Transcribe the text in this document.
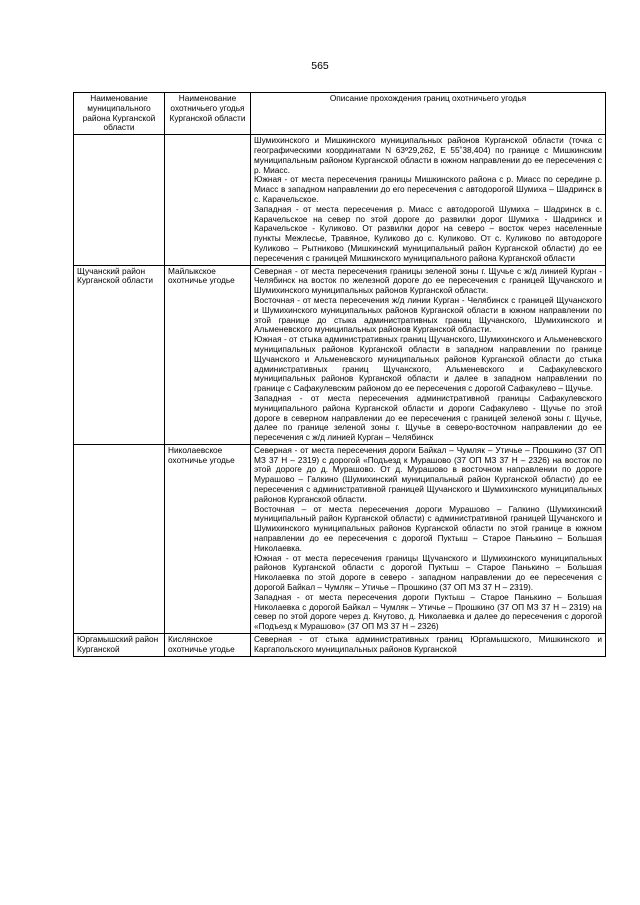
565
Наименование муниципального района Курганской области	Наименование охотничьего угодья Курганской области	Описание прохождения границ охотничьего угодья

		Шумихинского и Мишкинского муниципальных районов Курганской области (точка с географическими координатами N 63º29,262, E 55˚38,404) по границе с Мишкинским муниципальным районом Курганской области в южном направлении до ее пересечения с р. Миасс.
Южная - от места пересечения границы Мишкинского района с р. Миасс по середине р. Миасс в западном направлении до его пересечения с автодорогой Шумиха – Шадринск в с. Карачельское.
Западная - от места пересечения р. Миасс с автодорогой Шумиха – Шадринск в с. Карачельское на север по этой дороге до развилки дорог Шумиха - Шадринск и Карачельское - Куликово. От развилки дорог на северо – восток через населенные пункты Межлесье, Травяное, Куликово до с. Куликово. От с. Куликово по автодороге Куликово – Рытниково (Мишкинский муниципальный район Курганской области) до ее пересечения с границей Мишкинского муниципального района Курганской области

Щучанский район Курганской области	Майлыкское охотничье угодье	Северная - от места пересечения границы зеленой зоны г. Щучье с ж/д линией Курган - Челябинск на восток по железной дороге до ее пересечения с границей Щучанского и Шумихинского муниципальных районов Курганской области.
Восточная - от места пересечения ж/д линии Курган - Челябинск с границей Щучанского и Шумихинского муниципальных районов Курганской области в южном направлении по этой границе до стыка административных границ Щучанского, Шумихинского и Альменевского муниципальных районов Курганской области.
Южная - от стыка административных границ Щучанского, Шумихинского и Альменевского муниципальных районов Курганской области в западном направлении по границе Щучанского и Альменевского муниципальных районов Курганской области до стыка административных границ Щучанского, Альменевского и Сафакулевского муниципальных районов Курганской области и далее в западном направлении по границе с Сафакулевским районом до ее пересечения с дорогой Сафакулево – Щучье.
Западная - от места пересечения административной границы Сафакулевского муниципального района Курганской области и дороги Сафакулево - Щучье по этой дороге в северном направлении до ее пересечения с границей зеленой зоны г. Щучье, далее по границе зеленой зоны г. Щучье в северо-восточном направлении до ее пересечения с ж/д линией Курган – Челябинск

	Николаевское охотничье угодье	Северная - от места пересечения дороги Байкал – Чумляк – Утичье – Прошкино (37 ОП МЗ 37 Н – 2319) с дорогой «Подъезд к Мурашово (37 ОП МЗ 37 Н – 2326) на восток по этой дороге до д. Мурашово. От д. Мурашово в восточном направлении по дороге Мурашово – Галкино (Шумихинский муниципальный район Курганской области) до ее пересечения с административной границей Щучанского и Шумихинского муниципальных районов Курганской области.
Восточная – от места пересечения дороги Мурашово – Галкино (Шумихинский муниципальный район Курганской области) с административной границей Щучанского и Шумихинского муниципальных районов Курганской области по этой границе в южном направлении до ее пересечения с дорогой Пуктыш – Старое Панькино – Большая Николаевка.
Южная - от места пересечения границы Щучанского и Шумихинского муниципальных районов Курганской области с дорогой Пуктыш – Старое Панькино – Большая Николаевка по этой дороге в северо - западном направлении до ее пересечения с дорогой Байкал – Чумляк – Утичье – Прошкино (37 ОП МЗ 37 Н – 2319).
Западная - от места пересечения дороги Пуктыш – Старое Панькино – Большая Николаевка с дорогой Байкал – Чумляк – Утичье – Прошкино (37 ОП МЗ 37 Н – 2319) на север по этой дороге через д. Кнутово, д. Николаевка и далее до пересечения с дорогой «Подъезд к Мурашово» (37 ОП МЗ 37 Н – 2326)

Юргамышский район Курганской	Кислянское охотничье угодье	Северная - от стыка административных границ Юргамышского, Мишкинского и Каргапольского муниципальных районов Курганской
